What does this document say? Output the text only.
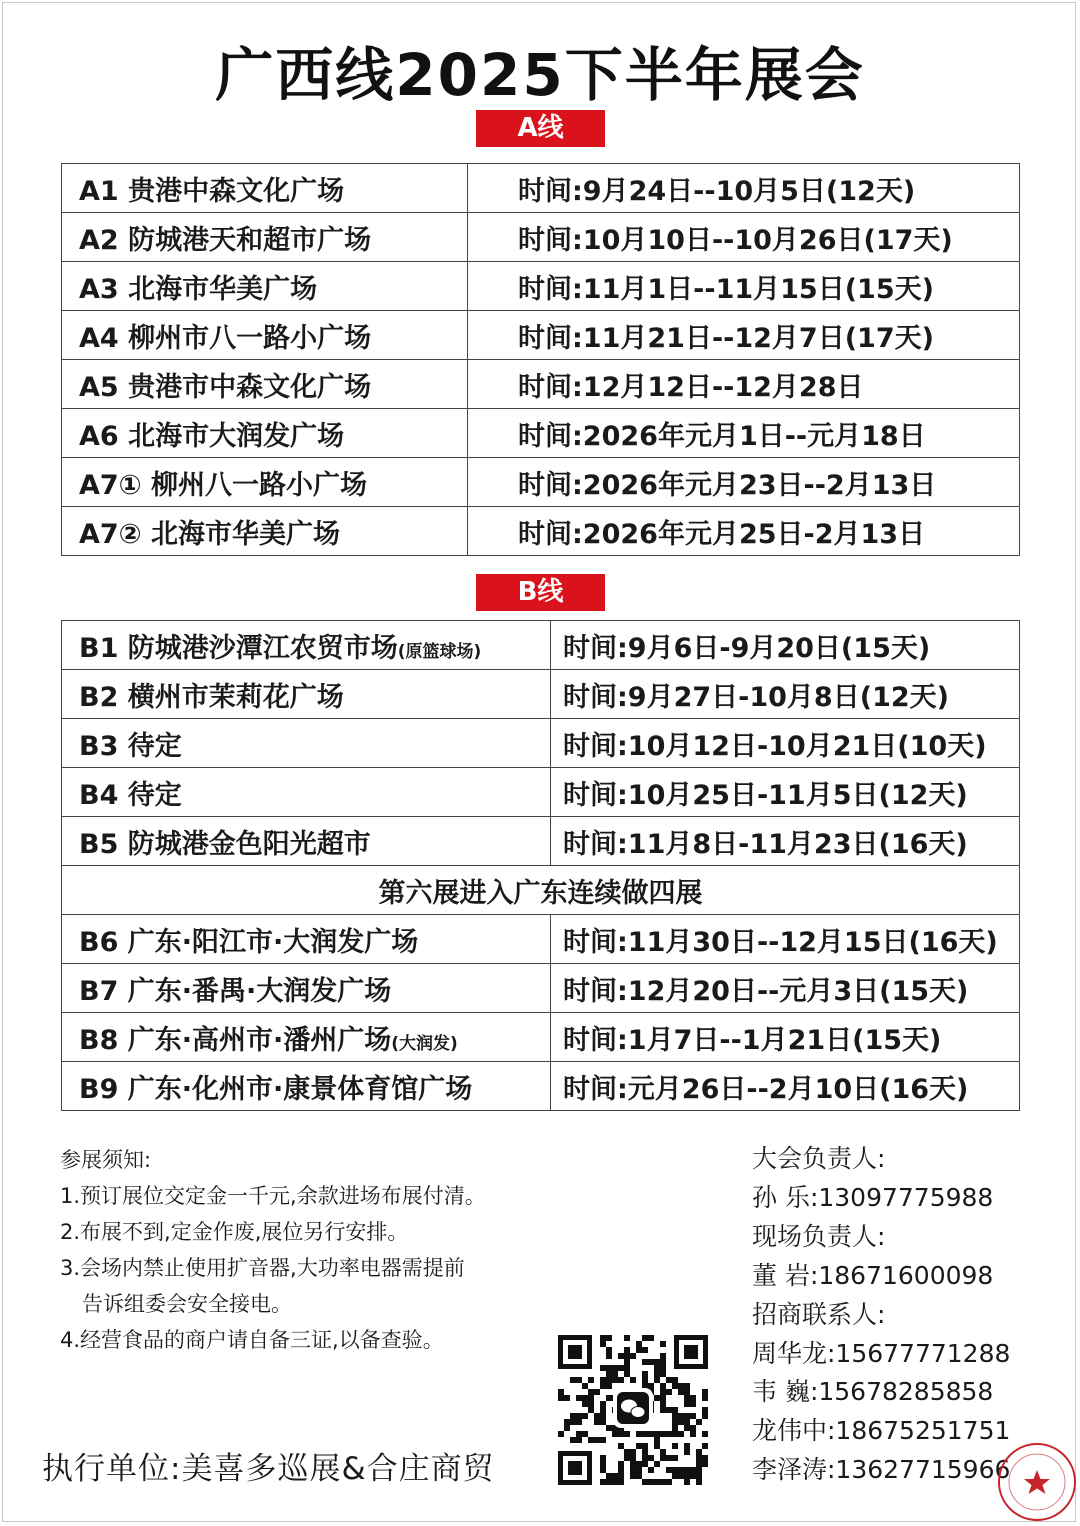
广西线2025下半年展会
A线
A1 贵港中森文化广场	时间:9月24日--10月5日(12天)
A2 防城港天和超市广场	时间:10月10日--10月26日(17天)
A3 北海市华美广场	时间:11月1日--11月15日(15天)
A4 柳州市八一路小广场	时间:11月21日--12月7日(17天)
A5 贵港市中森文化广场	时间:12月12日--12月28日
A6 北海市大润发广场	时间:2026年元月1日--元月18日
A7① 柳州八一路小广场	时间:2026年元月23日--2月13日
A7② 北海市华美广场	时间:2026年元月25日-2月13日
B线
B1 防城港沙潭江农贸市场(原篮球场)	时间:9月6日-9月20日(15天)
B2 横州市茉莉花广场	时间:9月27日-10月8日(12天)
B3 待定	时间:10月12日-10月21日(10天)
B4 待定	时间:10月25日-11月5日(12天)
B5 防城港金色阳光超市	时间:11月8日-11月23日(16天)
第六展进入广东连续做四展	
B6 广东·阳江市·大润发广场	时间:11月30日--12月15日(16天)
B7 广东·番禺·大润发广场	时间:12月20日--元月3日(15天)
B8 广东·高州市·潘州广场(大润发)	时间:1月7日--1月21日(15天)
B9 广东·化州市·康景体育馆广场	时间:元月26日--2月10日(16天)
参展须知:
1.预订展位交定金一千元,余款进场布展付清。
2.布展不到,定金作废,展位另行安排。
3.会场内禁止使用扩音器,大功率电器需提前
告诉组委会安全接电。
4.经营食品的商户请自备三证,以备查验。
执行单位:美喜多巡展&合庄商贸
大会负责人:
孙 乐:13097775988
现场负责人:
董 岩:18671600098
招商联系人:
周华龙:15677771288
韦 巍:15678285858
龙伟中:18675251751
李泽涛:13627715966
